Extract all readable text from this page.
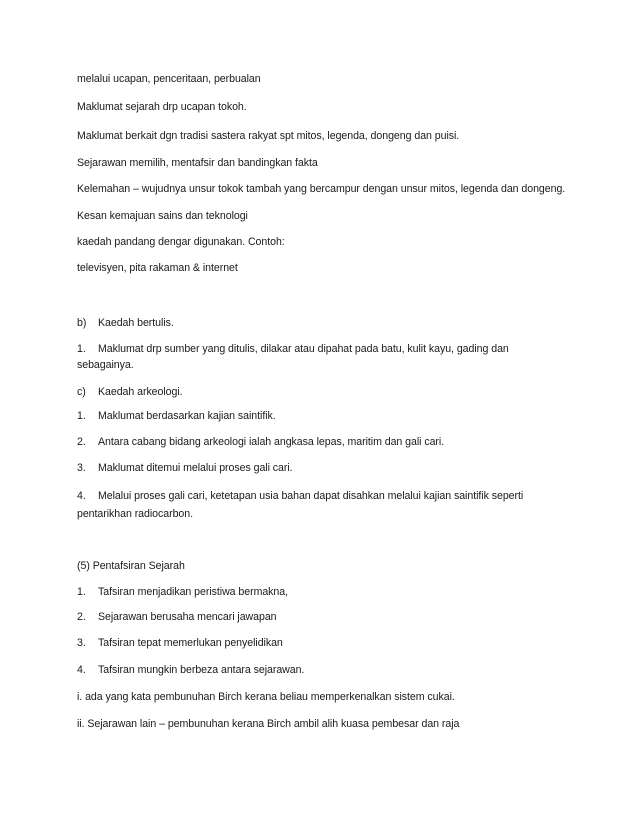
melalui ucapan, penceritaan, perbualan
Maklumat sejarah drp ucapan tokoh.
Maklumat berkait dgn tradisi sastera rakyat spt mitos, legenda, dongeng dan puisi.
Sejarawan memilih, mentafsir dan bandingkan fakta
Kelemahan – wujudnya unsur tokok tambah yang bercampur dengan unsur mitos, legenda dan dongeng.
Kesan kemajuan sains dan teknologi
kaedah pandang dengar digunakan. Contoh:
televisyen, pita rakaman & internet
b) Kaedah bertulis.
1. Maklumat drp sumber yang ditulis, dilakar atau dipahat pada batu, kulit kayu, gading dan
sebagainya.
c) Kaedah arkeologi.
1. Maklumat berdasarkan kajian saintifik.
2. Antara cabang bidang arkeologi ialah angkasa lepas, maritim dan gali cari.
3. Maklumat ditemui melalui proses gali cari.
4. Melalui proses gali cari, ketetapan usia bahan dapat disahkan melalui kajian saintifik seperti
pentarikhan radiocarbon.
(5) Pentafsiran Sejarah
1. Tafsiran menjadikan peristiwa bermakna,
2. Sejarawan berusaha mencari jawapan
3. Tafsiran tepat memerlukan penyelidikan
4. Tafsiran mungkin berbeza antara sejarawan.
i. ada yang kata pembunuhan Birch kerana beliau memperkenalkan sistem cukai.
ii. Sejarawan lain – pembunuhan kerana Birch ambil alih kuasa pembesar dan raja
